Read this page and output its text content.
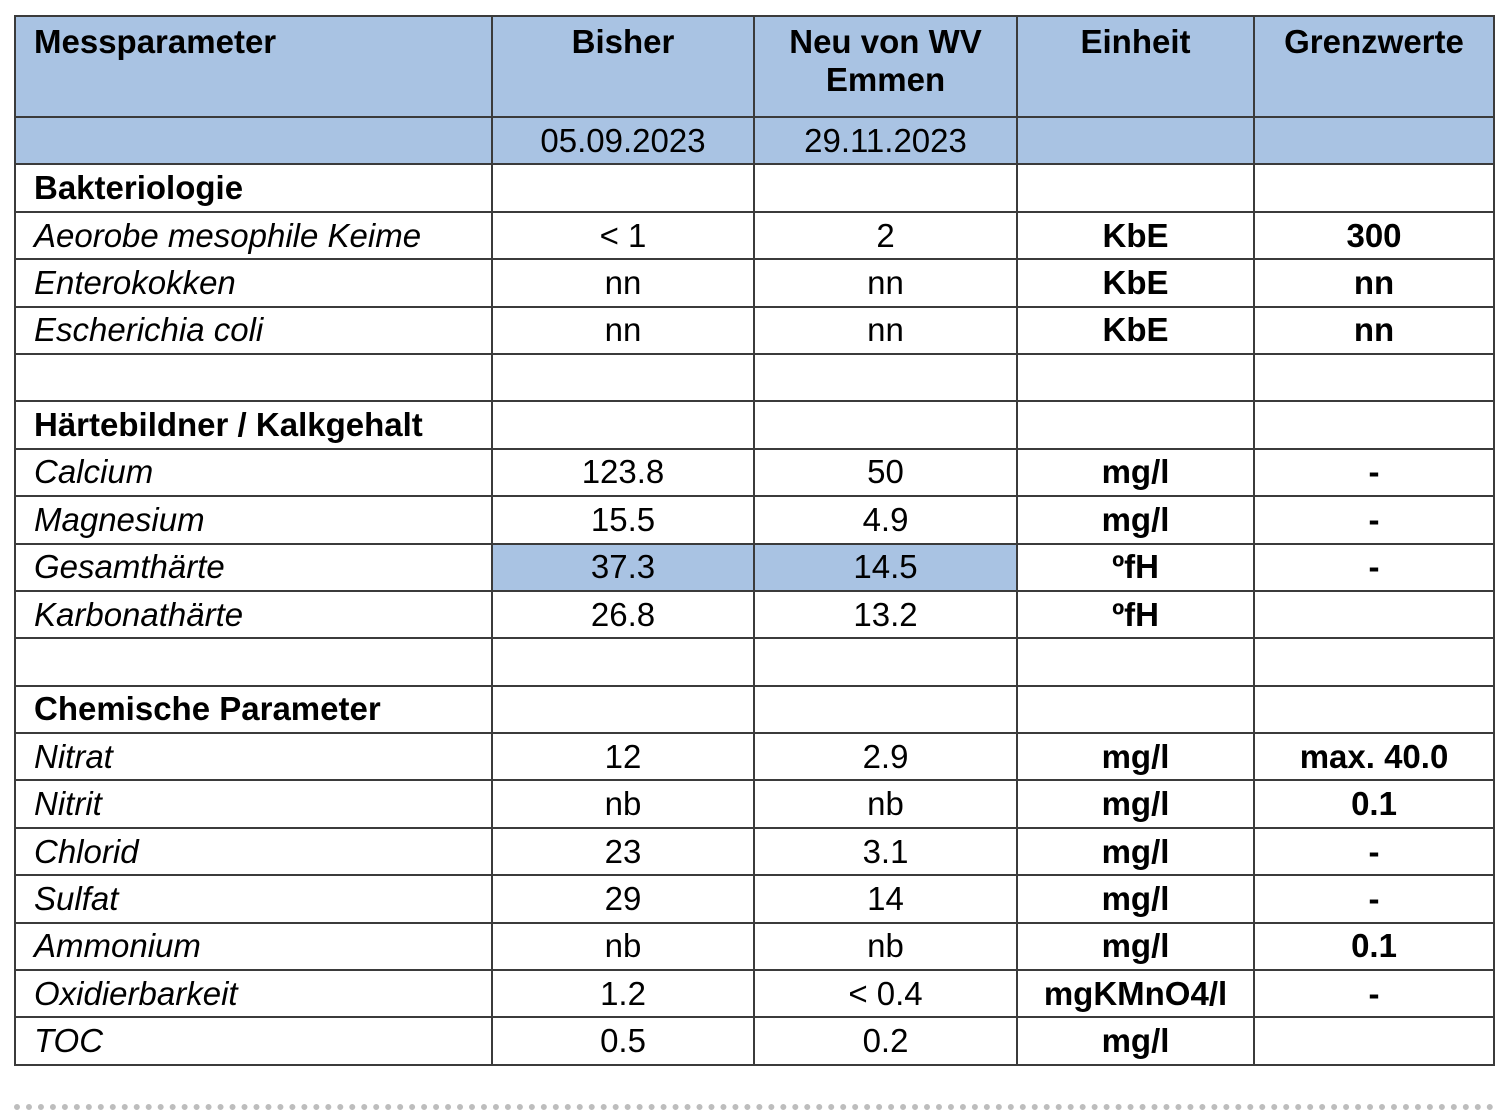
Messparameter	Bisher	Neu von WV Emmen	Einheit	Grenzwerte
	05.09.2023	29.11.2023		
Bakteriologie				
Aeorobe mesophile Keime	< 1	2	KbE	300
Enterokokken	nn	nn	KbE	nn
Escherichia coli	nn	nn	KbE	nn

Härtebildner / Kalkgehalt				
Calcium	123.8	50	mg/l	-
Magnesium	15.5	4.9	mg/l	-
Gesamthärte	37.3	14.5	ºfH	-
Karbonathärte	26.8	13.2	ºfH	

Chemische Parameter				
Nitrat	12	2.9	mg/l	max. 40.0
Nitrit	nb	nb	mg/l	0.1
Chlorid	23	3.1	mg/l	-
Sulfat	29	14	mg/l	-
Ammonium	nb	nb	mg/l	0.1
Oxidierbarkeit	1.2	< 0.4	mgKMnO4/l	-
TOC	0.5	0.2	mg/l	
